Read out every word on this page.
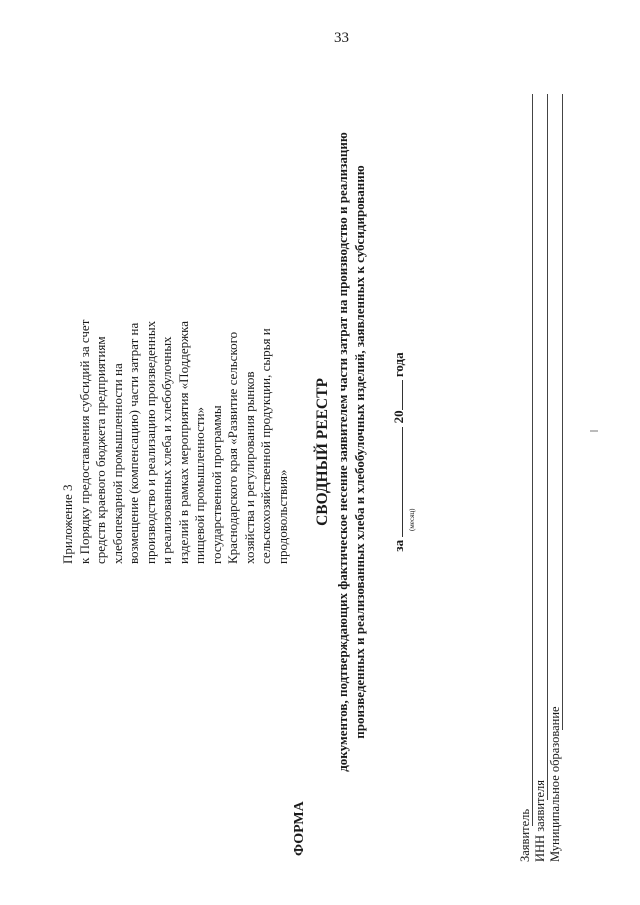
33
Приложение 3 к Порядку предоставления субсидий за счет средств краевого бюджета предприятиям хлебопекарной промышленности на возмещение (компенсацию) части затрат на производство и реализацию произведенных и реализованных хлеба и хлебобулочных изделий в рамках мероприятия «Поддержка пищевой промышленности» государственной программы Краснодарского края «Развитие сельского хозяйства и регулирования рынков сельскохозяйственной продукции, сырья и продовольствия»
ФОРМА
СВОДНЫЙ РЕЕСТР документов, подтверждающих фактическое несение заявителем части затрат на производство и реализацию произведенных и реализованных хлеба и хлебобулочных изделий, заявленных к субсидированию за  20 года
(месяц)
Заявитель ИНН заявителя Муниципальное образование
